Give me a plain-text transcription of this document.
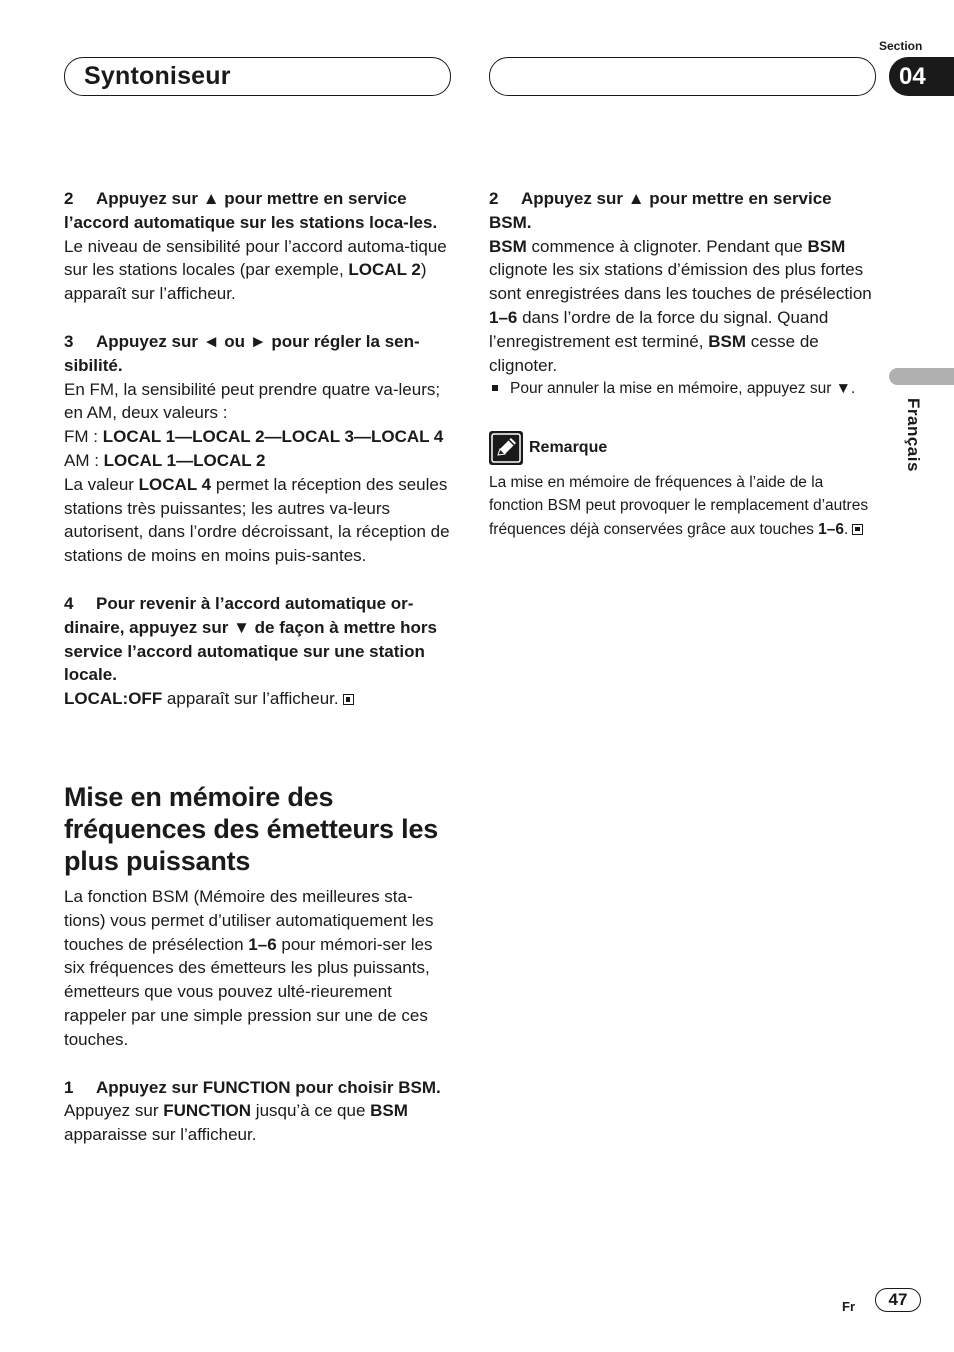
Syntoniseur
Section
04
Français

2 Appuyez sur ▲ pour mettre en service l’accord automatique sur les stations loca-les.

Le niveau de sensibilité pour l’accord automa-tique sur les stations locales (par exemple, LOCAL 2) apparaît sur l’afficheur.

3 Appuyez sur ◄ ou ► pour régler la sen-sibilité.

En FM, la sensibilité peut prendre quatre va-leurs; en AM, deux valeurs :

FM : LOCAL 1—LOCAL 2—LOCAL 3—LOCAL 4

AM : LOCAL 1—LOCAL 2

La valeur LOCAL 4 permet la réception des seules stations très puissantes; les autres va-leurs autorisent, dans l’ordre décroissant, la réception de stations de moins en moins puis-santes.

4 Pour revenir à l’accord automatique or-dinaire, appuyez sur ▼ de façon à mettre hors service l’accord automatique sur une station locale.

LOCAL:OFF apparaît sur l’afficheur.

Mise en mémoire des fréquences des émetteurs les plus puissants

La fonction BSM (Mémoire des meilleures sta-tions) vous permet d’utiliser automatiquement les touches de présélection 1–6 pour mémori-ser les six fréquences des émetteurs les plus puissants, émetteurs que vous pouvez ulté-rieurement rappeler par une simple pression sur une de ces touches.

1 Appuyez sur FUNCTION pour choisir BSM.

Appuyez sur FUNCTION jusqu’à ce que BSM apparaisse sur l’afficheur.

2 Appuyez sur ▲ pour mettre en service BSM.

BSM commence à clignoter. Pendant que BSM clignote les six stations d’émission des plus fortes sont enregistrées dans les touches de présélection 1–6 dans l’ordre de la force du signal. Quand l’enregistrement est terminé, BSM cesse de clignoter.

Pour annuler la mise en mémoire, appuyez sur ▼.

Remarque

La mise en mémoire de fréquences à l’aide de la fonction BSM peut provoquer le remplacement d’autres fréquences déjà conservées grâce aux touches 1–6.

Fr	47
